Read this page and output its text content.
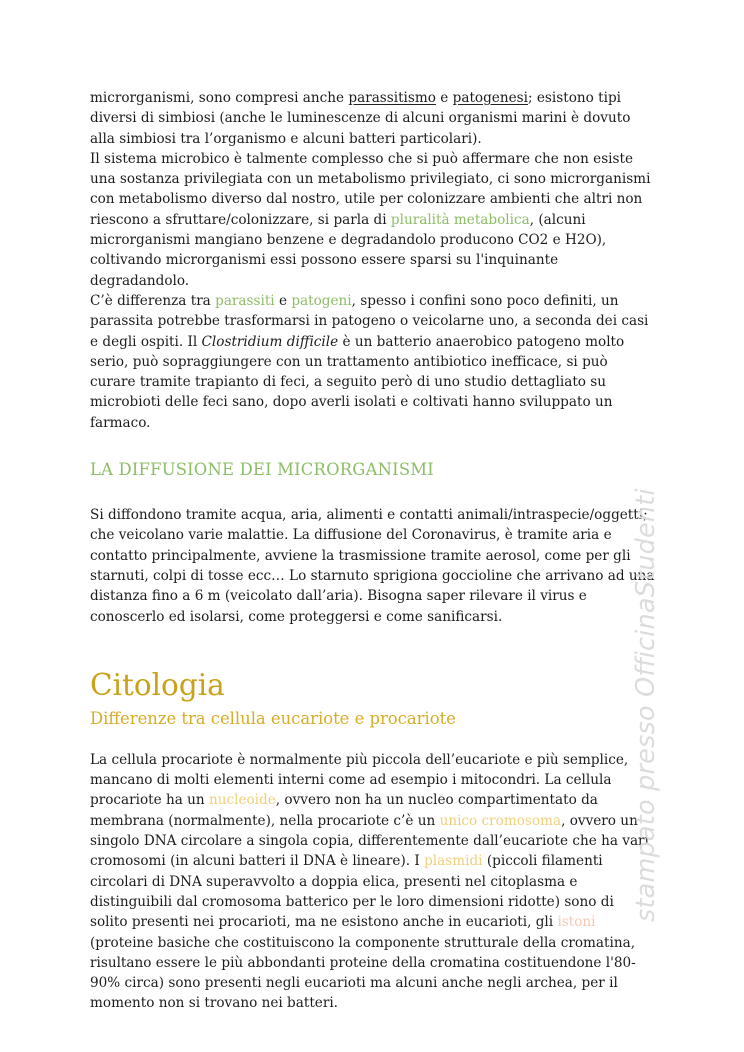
microrganismi, sono compresi anche parassitismo e patogenesi; esistono tipi diversi di simbiosi (anche le luminescenze di alcuni organismi marini è dovuto alla simbiosi tra l’organismo e alcuni batteri particolari).

Il sistema microbico è talmente complesso che si può affermare che non esiste una sostanza privilegiata con un metabolismo privilegiato, ci sono microrganismi con metabolismo diverso dal nostro, utile per colonizzare ambienti che altri non riescono a sfruttare/colonizzare, si parla di pluralità metabolica, (alcuni microrganismi mangiano benzene e degradandolo producono CO2 e H2O), coltivando microrganismi essi possono essere sparsi su l'inquinante degradandolo.

C’è differenza tra parassiti e patogeni, spesso i confini sono poco definiti, un parassita potrebbe trasformarsi in patogeno o veicolarne uno, a seconda dei casi e degli ospiti. Il Clostridium difficile è un batterio anaerobico patogeno molto serio, può sopraggiungere con un trattamento antibiotico inefficace, si può curare tramite trapianto di feci, a seguito però di uno studio dettagliato su microbioti delle feci sano, dopo averli isolati e coltivati hanno sviluppato un farmaco.

LA DIFFUSIONE DEI MICRORGANISMI

Si diffondono tramite acqua, aria, alimenti e contatti animali/intraspecie/oggetti; che veicolano varie malattie. La diffusione del Coronavirus, è tramite aria e contatto principalmente, avviene la trasmissione tramite aerosol, come per gli starnuti, colpi di tosse ecc… Lo starnuto sprigiona goccioline che arrivano ad una distanza fino a 6 m (veicolato dall’aria). Bisogna saper rilevare il virus e conoscerlo ed isolarsi, come proteggersi e come sanificarsi.

Citologia
Differenze tra cellula eucariote e procariote

La cellula procariote è normalmente più piccola dell’eucariote e più semplice, mancano di molti elementi interni come ad esempio i mitocondri. La cellula procariote ha un nucleoide, ovvero non ha un nucleo compartimentato da membrana (normalmente), nella procariote c’è un unico cromosoma, ovvero un singolo DNA circolare a singola copia, differentemente dall’eucariote che ha vari cromosomi (in alcuni batteri il DNA è lineare). I plasmidi (piccoli filamenti circolari di DNA superavvolto a doppia elica, presenti nel citoplasma e distinguibili dal cromosoma batterico per le loro dimensioni ridotte) sono di solito presenti nei procarioti, ma ne esistono anche in eucarioti, gli istoni (proteine basiche che costituiscono la componente strutturale della cromatina, risultano essere le più abbondanti proteine della cromatina costituendone l'80-90% circa) sono presenti negli eucarioti ma alcuni anche negli archea, per il momento non si trovano nei batteri.

stampato presso OfficinaStudenti
